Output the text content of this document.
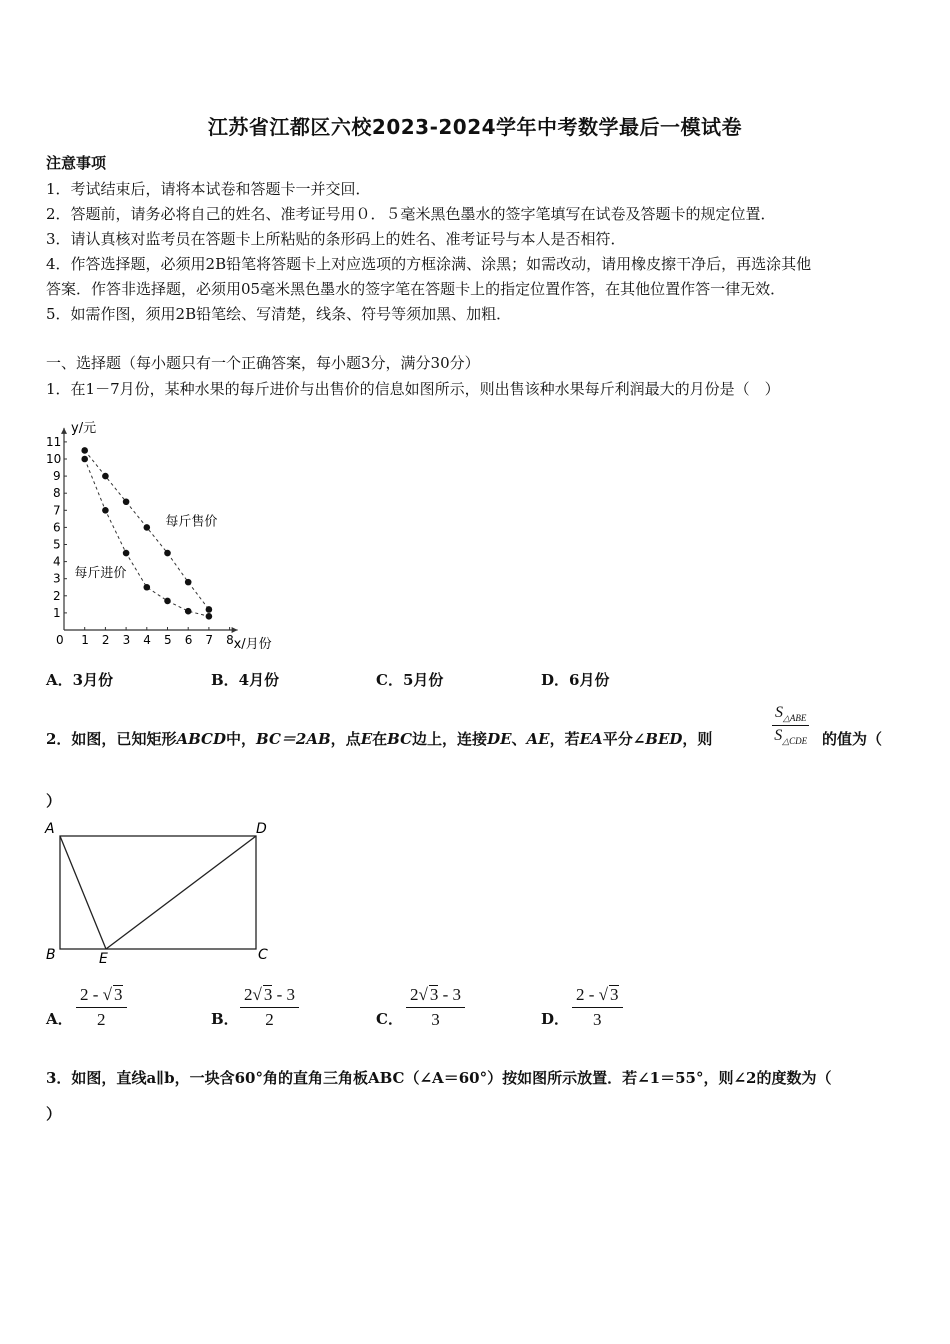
江苏省江都区六校2023-2024学年中考数学最后一模试卷
注意事项
1．考试结束后，请将本试卷和答题卡一并交回．
2．答题前，请务必将自己的姓名、准考证号用０．５毫米黑色墨水的签字笔填写在试卷及答题卡的规定位置．
3．请认真核对监考员在答题卡上所粘贴的条形码上的姓名、准考证号与本人是否相符．
4．作答选择题，必须用2B铅笔将答题卡上对应选项的方框涂满、涂黑；如需改动，请用橡皮擦干净后，再选涂其他
答案．作答非选择题，必须用05毫米黑色墨水的签字笔在答题卡上的指定位置作答，在其他位置作答一律无效．
5．如需作图，须用2B铅笔绘、写清楚，线条、符号等须加黑、加粗．
一、选择题（每小题只有一个正确答案，每小题3分，满分30分）
1．在1－7月份，某种水果的每斤进价与出售价的信息如图所示，则出售该种水果每斤利润最大的月份是（　）
0 1 2 3 4 5 6 7 8
1
2
3
4
5
6
7
8
9
10
11
x/月份
y/元
每斤售价
每斤进价
A．3月份	B．4月份	C．5月份	D．6月份
2．如图，已知矩形ABCD中，BC＝2AB，点E在BC边上，连接DE、AE，若EA平分∠BED，则
$S_{\triangle ABE}$
$S_{\triangle CDE}$ 的值为（
）
A	D
B	E	C
A． $\frac{2 - √ 3}{2}$	B． $\frac{2√ 3 - 3}{2}$	C． $\frac{2√ 3 - 3}{3}$	D． $\frac{2 - √ 3}{3}$
3．如图，直线a∥b，一块含60°角的直角三角板ABC（∠A＝60°）按如图所示放置．若∠1＝55°，则∠2的度数为（
）
